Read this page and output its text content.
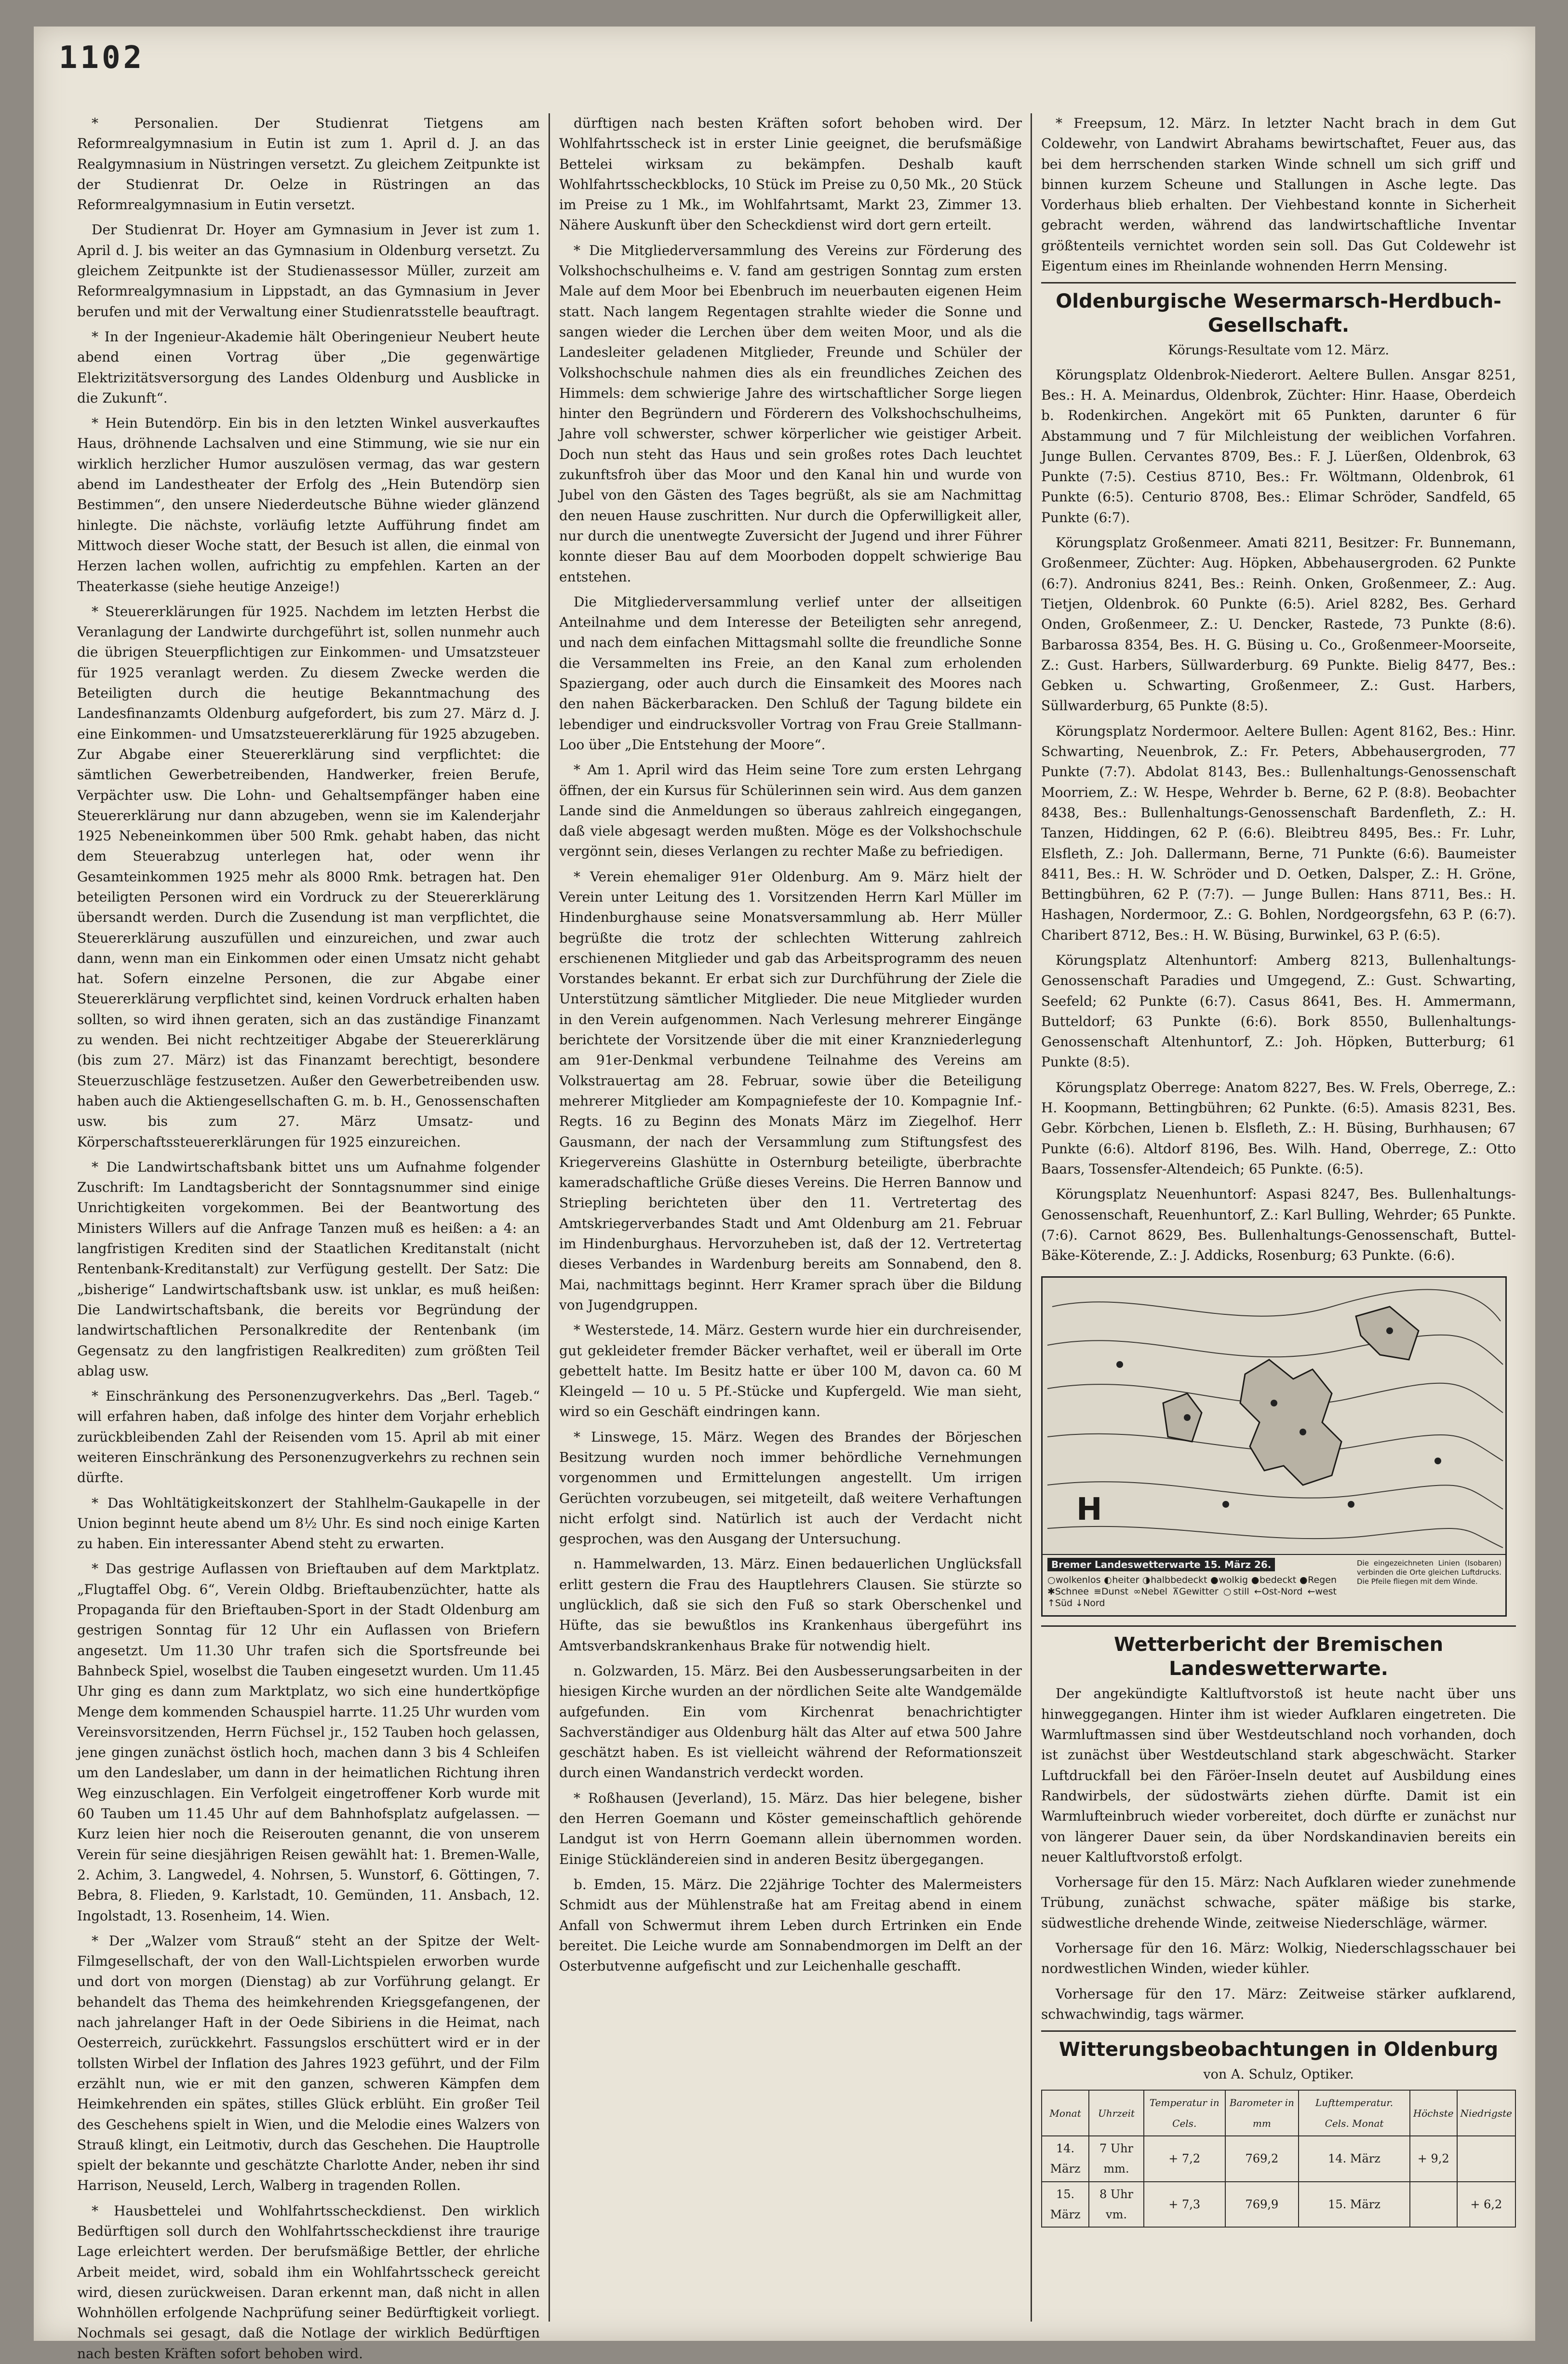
1102

* Personalien. Der Studienrat Tietgens am Reformrealgymnasium in Eutin ist zum 1. April d. J. an das Realgymnasium in Nüstringen versetzt. Zu gleichem Zeitpunkte ist der Studienrat Dr. Oelze in Rüstringen an das Reformrealgymnasium in Eutin versetzt.

Der Studienrat Dr. Hoyer am Gymnasium in Jever ist zum 1. April d. J. bis weiter an das Gymnasium in Oldenburg versetzt. Zu gleichem Zeitpunkte ist der Studienassessor Müller, zurzeit am Reformrealgymnasium in Lippstadt, an das Gymnasium in Jever berufen und mit der Verwaltung einer Studienratsstelle beauftragt.

* In der Ingenieur-Akademie hält Oberingenieur Neubert heute abend einen Vortrag über „Die gegenwärtige Elektrizitätsversorgung des Landes Oldenburg und Ausblicke in die Zukunft“.

* Hein Butendörp. Ein bis in den letzten Winkel ausverkauftes Haus, dröhnende Lachsalven und eine Stimmung, wie sie nur ein wirklich herzlicher Humor auszulösen vermag, das war gestern abend im Landestheater der Erfolg des „Hein Butendörp sien Bestimmen“, den unsere Niederdeutsche Bühne wieder glänzend hinlegte. Die nächste, vorläufig letzte Aufführung findet am Mittwoch dieser Woche statt, der Besuch ist allen, die einmal von Herzen lachen wollen, aufrichtig zu empfehlen. Karten an der Theaterkasse (siehe heutige Anzeige!)

* Steuererklärungen für 1925. Nachdem im letzten Herbst die Veranlagung der Landwirte durchgeführt ist, sollen nunmehr auch die übrigen Steuerpflichtigen zur Einkommen- und Umsatzsteuer für 1925 veranlagt werden. Zu diesem Zwecke werden die Beteiligten durch die heutige Bekanntmachung des Landesfinanzamts Oldenburg aufgefordert, bis zum 27. März d. J. eine Einkommen- und Umsatzsteuererklärung für 1925 abzugeben. Zur Abgabe einer Steuererklärung sind verpflichtet: die sämtlichen Gewerbetreibenden, Handwerker, freien Berufe, Verpächter usw. Die Lohn- und Gehaltsempfänger haben eine Steuererklärung nur dann abzugeben, wenn sie im Kalenderjahr 1925 Nebeneinkommen über 500 Rmk. gehabt haben, das nicht dem Steuerabzug unterlegen hat, oder wenn ihr Gesamteinkommen 1925 mehr als 8000 Rmk. betragen hat. Den beteiligten Personen wird ein Vordruck zu der Steuererklärung übersandt werden. Durch die Zusendung ist man verpflichtet, die Steuererklärung auszufüllen und einzureichen, und zwar auch dann, wenn man ein Einkommen oder einen Umsatz nicht gehabt hat. Sofern einzelne Personen, die zur Abgabe einer Steuererklärung verpflichtet sind, keinen Vordruck erhalten haben sollten, so wird ihnen geraten, sich an das zuständige Finanzamt zu wenden. Bei nicht rechtzeitiger Abgabe der Steuererklärung (bis zum 27. März) ist das Finanzamt berechtigt, besondere Steuerzuschläge festzusetzen. Außer den Gewerbetreibenden usw. haben auch die Aktiengesellschaften G. m. b. H., Genossenschaften usw. bis zum 27. März Umsatz- und Körperschaftssteuererklärungen für 1925 einzureichen.

* Die Landwirtschaftsbank bittet uns um Aufnahme folgender Zuschrift: Im Landtagsbericht der Sonntagsnummer sind einige Unrichtigkeiten vorgekommen. Bei der Beantwortung des Ministers Willers auf die Anfrage Tanzen muß es heißen: a 4: an langfristigen Krediten sind der Staatlichen Kreditanstalt (nicht Rentenbank-Kreditanstalt) zur Verfügung gestellt. Der Satz: Die „bisherige“ Landwirtschaftsbank usw. ist unklar, es muß heißen: Die Landwirtschaftsbank, die bereits vor Begründung der landwirtschaftlichen Personalkredite der Rentenbank (im Gegensatz zu den langfristigen Realkrediten) zum größten Teil ablag usw.

* Einschränkung des Personenzugverkehrs. Das „Berl. Tageb.“ will erfahren haben, daß infolge des hinter dem Vorjahr erheblich zurückbleibenden Zahl der Reisenden vom 15. April ab mit einer weiteren Einschränkung des Personenzugverkehrs zu rechnen sein dürfte.

* Das Wohltätigkeitskonzert der Stahlhelm-Gaukapelle in der Union beginnt heute abend um 8½ Uhr. Es sind noch einige Karten zu haben. Ein interessanter Abend steht zu erwarten.

* Das gestrige Auflassen von Brieftauben auf dem Marktplatz. „Flugtaffel Obg. 6“, Verein Oldbg. Brieftaubenzüchter, hatte als Propaganda für den Brieftauben-Sport in der Stadt Oldenburg am gestrigen Sonntag für 12 Uhr ein Auflassen von Briefern angesetzt. Um 11.30 Uhr trafen sich die Sportsfreunde bei Bahnbeck Spiel, woselbst die Tauben eingesetzt wurden. Um 11.45 Uhr ging es dann zum Marktplatz, wo sich eine hundertköpfige Menge dem kommenden Schauspiel harrte. 11.25 Uhr wurden vom Vereinsvorsitzenden, Herrn Füchsel jr., 152 Tauben hoch gelassen, jene gingen zunächst östlich hoch, machen dann 3 bis 4 Schleifen um den Landeslaber, um dann in der heimatlichen Richtung ihren Weg einzuschlagen. Ein Verfolgeit eingetroffener Korb wurde mit 60 Tauben um 11.45 Uhr auf dem Bahnhofsplatz aufgelassen. — Kurz leien hier noch die Reiserouten genannt, die von unserem Verein für seine diesjährigen Reisen gewählt hat: 1. Bremen-Walle, 2. Achim, 3. Langwedel, 4. Nohrsen, 5. Wunstorf, 6. Göttingen, 7. Bebra, 8. Flieden, 9. Karlstadt, 10. Gemünden, 11. Ansbach, 12. Ingolstadt, 13. Rosenheim, 14. Wien.

* Der „Walzer vom Strauß“ steht an der Spitze der Welt-Filmgesellschaft, der von den Wall-Lichtspielen erworben wurde und dort von morgen (Dienstag) ab zur Vorführung gelangt. Er behandelt das Thema des heimkehrenden Kriegsgefangenen, der nach jahrelanger Haft in der Oede Sibiriens in die Heimat, nach Oesterreich, zurückkehrt. Fassungslos erschüttert wird er in der tollsten Wirbel der Inflation des Jahres 1923 geführt, und der Film erzählt nun, wie er mit den ganzen, schweren Kämpfen dem Heimkehrenden ein spätes, stilles Glück erblüht. Ein großer Teil des Geschehens spielt in Wien, und die Melodie eines Walzers von Strauß klingt, ein Leitmotiv, durch das Geschehen. Die Hauptrolle spielt der bekannte und geschätzte Charlotte Ander, neben ihr sind Harrison, Neuseld, Lerch, Walberg in tragenden Rollen.

* Hausbettelei und Wohlfahrtsscheckdienst. Den wirklich Bedürftigen soll durch den Wohlfahrtsscheckdienst ihre traurige Lage erleichtert werden. Der berufsmäßige Bettler, der ehrliche Arbeit meidet, wird, sobald ihm ein Wohlfahrtsscheck gereicht wird, diesen zurückweisen. Daran erkennt man, daß nicht in allen Wohnhöllen erfolgende Nachprüfung seiner Bedürftigkeit vorliegt. Nochmals sei gesagt, daß die Notlage der wirklich Bedürftigen nach besten Kräften sofort behoben wird.

dürftigen nach besten Kräften sofort behoben wird. Der Wohlfahrtsscheck ist in erster Linie geeignet, die berufsmäßige Bettelei wirksam zu bekämpfen. Deshalb kauft Wohlfahrtsscheckblocks, 10 Stück im Preise zu 0,50 Mk., 20 Stück im Preise zu 1 Mk., im Wohlfahrtsamt, Markt 23, Zimmer 13. Nähere Auskunft über den Scheckdienst wird dort gern erteilt.

* Die Mitgliederversammlung des Vereins zur Förderung des Volkshochschulheims e. V. fand am gestrigen Sonntag zum ersten Male auf dem Moor bei Ebenbruch im neuerbauten eigenen Heim statt. Nach langem Regentagen strahlte wieder die Sonne und sangen wieder die Lerchen über dem weiten Moor, und als die Landesleiter geladenen Mitglieder, Freunde und Schüler der Volkshochschule nahmen dies als ein freundliches Zeichen des Himmels: dem schwierige Jahre des wirtschaftlicher Sorge liegen hinter den Begründern und Förderern des Volkshochschulheims, Jahre voll schwerster, schwer körperlicher wie geistiger Arbeit. Doch nun steht das Haus und sein großes rotes Dach leuchtet zukunftsfroh über das Moor und den Kanal hin und wurde von Jubel von den Gästen des Tages begrüßt, als sie am Nachmittag den neuen Hause zuschritten. Nur durch die Opferwilligkeit aller, nur durch die unentwegte Zuversicht der Jugend und ihrer Führer konnte dieser Bau auf dem Moorboden doppelt schwierige Bau entstehen.

Die Mitgliederversammlung verlief unter der allseitigen Anteilnahme und dem Interesse der Beteiligten sehr anregend, und nach dem einfachen Mittagsmahl sollte die freundliche Sonne die Versammelten ins Freie, an den Kanal zum erholenden Spaziergang, oder auch durch die Einsamkeit des Moores nach den nahen Bäckerbaracken. Den Schluß der Tagung bildete ein lebendiger und eindrucksvoller Vortrag von Frau Greie Stallmann-Loo über „Die Entstehung der Moore“.

* Am 1. April wird das Heim seine Tore zum ersten Lehrgang öffnen, der ein Kursus für Schülerinnen sein wird. Aus dem ganzen Lande sind die Anmeldungen so überaus zahlreich eingegangen, daß viele abgesagt werden mußten. Möge es der Volkshochschule vergönnt sein, dieses Verlangen zu rechter Maße zu befriedigen.

* Verein ehemaliger 91er Oldenburg. Am 9. März hielt der Verein unter Leitung des 1. Vorsitzenden Herrn Karl Müller im Hindenburghause seine Monatsversammlung ab. Herr Müller begrüßte die trotz der schlechten Witterung zahlreich erschienenen Mitglieder und gab das Arbeitsprogramm des neuen Vorstandes bekannt. Er erbat sich zur Durchführung der Ziele die Unterstützung sämtlicher Mitglieder. Die neue Mitglieder wurden in den Verein aufgenommen. Nach Verlesung mehrerer Eingänge berichtete der Vorsitzende über die mit einer Kranzniederlegung am 91er-Denkmal verbundene Teilnahme des Vereins am Volkstrauertag am 28. Februar, sowie über die Beteiligung mehrerer Mitglieder am Kompagniefeste der 10. Kompagnie Inf.-Regts. 16 zu Beginn des Monats März im Ziegelhof. Herr Gausmann, der nach der Versammlung zum Stiftungsfest des Kriegervereins Glashütte in Osternburg beteiligte, überbrachte kameradschaftliche Grüße dieses Vereins. Die Herren Bannow und Striepling berichteten über den 11. Vertretertag des Amtskriegerverbandes Stadt und Amt Oldenburg am 21. Februar im Hindenburghaus. Hervorzuheben ist, daß der 12. Vertretertag dieses Verbandes in Wardenburg bereits am Sonnabend, den 8. Mai, nachmittags beginnt. Herr Kramer sprach über die Bildung von Jugendgruppen.

* Westerstede, 14. März. Gestern wurde hier ein durchreisender, gut gekleideter fremder Bäcker verhaftet, weil er überall im Orte gebettelt hatte. Im Besitz hatte er über 100 M, davon ca. 60 M Kleingeld — 10 u. 5 Pf.-Stücke und Kupfergeld. Wie man sieht, wird so ein Geschäft eindringen kann.

* Linswege, 15. März. Wegen des Brandes der Börjeschen Besitzung wurden noch immer behördliche Vernehmungen vorgenommen und Ermittelungen angestellt. Um irrigen Gerüchten vorzubeugen, sei mitgeteilt, daß weitere Verhaftungen nicht erfolgt sind. Natürlich ist auch der Verdacht nicht gesprochen, was den Ausgang der Untersuchung.

n. Hammelwarden, 13. März. Einen bedauerlichen Unglücksfall erlitt gestern die Frau des Hauptlehrers Clausen. Sie stürzte so unglücklich, daß sie sich den Fuß so stark Oberschenkel und Hüfte, das sie bewußtlos ins Krankenhaus übergeführt ins Amtsverbandskrankenhaus Brake für notwendig hielt.

n. Golzwarden, 15. März. Bei den Ausbesserungsarbeiten in der hiesigen Kirche wurden an der nördlichen Seite alte Wandgemälde aufgefunden. Ein vom Kirchenrat benachrichtigter Sachverständiger aus Oldenburg hält das Alter auf etwa 500 Jahre geschätzt haben. Es ist vielleicht während der Reformationszeit durch einen Wandanstrich verdeckt worden.

* Roßhausen (Jeverland), 15. März. Das hier belegene, bisher den Herren Goemann und Köster gemeinschaftlich gehörende Landgut ist von Herrn Goemann allein übernommen worden. Einige Stückländereien sind in anderen Besitz übergegangen.

b. Emden, 15. März. Die 22jährige Tochter des Malermeisters Schmidt aus der Mühlenstraße hat am Freitag abend in einem Anfall von Schwermut ihrem Leben durch Ertrinken ein Ende bereitet. Die Leiche wurde am Sonnabendmorgen im Delft an der Osterbutvenne aufgefischt und zur Leichenhalle geschafft.

* Freepsum, 12. März. In letzter Nacht brach in dem Gut Coldewehr, von Landwirt Abrahams bewirtschaftet, Feuer aus, das bei dem herrschenden starken Winde schnell um sich griff und binnen kurzem Scheune und Stallungen in Asche legte. Das Vorderhaus blieb erhalten. Der Viehbestand konnte in Sicherheit gebracht werden, während das landwirtschaftliche Inventar größtenteils vernichtet worden sein soll. Das Gut Coldewehr ist Eigentum eines im Rheinlande wohnenden Herrn Mensing.

Oldenburgische Wesermarsch-Herdbuch-Gesellschaft.
Körungs-Resultate vom 12. März.

Körungsplatz Oldenbrok-Niederort. Aeltere Bullen. Ansgar 8251, Bes.: H. A. Meinardus, Oldenbrok, Züchter: Hinr. Haase, Oberdeich b. Rodenkirchen. Angekört mit 65 Punkten, darunter 6 für Abstammung und 7 für Milchleistung der weiblichen Vorfahren. Junge Bullen. Cervantes 8709, Bes.: F. J. Lüerßen, Oldenbrok, 63 Punkte (7:5). Cestius 8710, Bes.: Fr. Wöltmann, Oldenbrok, 61 Punkte (6:5). Centurio 8708, Bes.: Elimar Schröder, Sandfeld, 65 Punkte (6:7).

Körungsplatz Großenmeer. Amati 8211, Besitzer: Fr. Bunnemann, Großenmeer, Züchter: Aug. Höpken, Abbehausergroden. 62 Punkte (6:7). Andronius 8241, Bes.: Reinh. Onken, Großenmeer, Z.: Aug. Tietjen, Oldenbrok. 60 Punkte (6:5). Ariel 8282, Bes. Gerhard Onden, Großenmeer, Z.: U. Dencker, Rastede, 73 Punkte (8:6). Barbarossa 8354, Bes. H. G. Büsing u. Co., Großenmeer-Moorseite, Z.: Gust. Harbers, Süllwarderburg. 69 Punkte. Bielig 8477, Bes.: Gebken u. Schwarting, Großenmeer, Z.: Gust. Harbers, Süllwarderburg, 65 Punkte (8:5).

Körungsplatz Nordermoor. Aeltere Bullen: Agent 8162, Bes.: Hinr. Schwarting, Neuenbrok, Z.: Fr. Peters, Abbehausergroden, 77 Punkte (7:7). Abdolat 8143, Bes.: Bullenhaltungs-Genossenschaft Moorriem, Z.: W. Hespe, Wehrder b. Berne, 62 P. (8:8). Beobachter 8438, Bes.: Bullenhaltungs-Genossenschaft Bardenfleth, Z.: H. Tanzen, Hiddingen, 62 P. (6:6). Bleibtreu 8495, Bes.: Fr. Luhr, Elsfleth, Z.: Joh. Dallermann, Berne, 71 Punkte (6:6). Baumeister 8411, Bes.: H. W. Schröder und D. Oetken, Dalsper, Z.: H. Gröne, Bettingbühren, 62 P. (7:7). — Junge Bullen: Hans 8711, Bes.: H. Hashagen, Nordermoor, Z.: G. Bohlen, Nordgeorgsfehn, 63 P. (6:7). Charibert 8712, Bes.: H. W. Büsing, Burwinkel, 63 P. (6:5).

Körungsplatz Altenhuntorf: Amberg 8213, Bullenhaltungs-Genossenschaft Paradies und Umgegend, Z.: Gust. Schwarting, Seefeld; 62 Punkte (6:7). Casus 8641, Bes. H. Ammermann, Butteldorf; 63 Punkte (6:6). Bork 8550, Bullenhaltungs-Genossenschaft Altenhuntorf, Z.: Joh. Höpken, Butterburg; 61 Punkte (8:5).

Körungsplatz Oberrege: Anatom 8227, Bes. W. Frels, Oberrege, Z.: H. Koopmann, Bettingbühren; 62 Punkte. (6:5). Amasis 8231, Bes. Gebr. Körbchen, Lienen b. Elsfleth, Z.: H. Büsing, Burhhausen; 67 Punkte (6:6). Altdorf 8196, Bes. Wilh. Hand, Oberrege, Z.: Otto Baars, Tossensfer-Altendeich; 65 Punkte. (6:5).

Körungsplatz Neuenhuntorf: Aspasi 8247, Bes. Bullenhaltungs-Genossenschaft, Reuenhuntorf, Z.: Karl Bulling, Wehrder; 65 Punkte. (7:6). Carnot 8629, Bes. Bullenhaltungs-Genossenschaft, Buttel-Bäke-Köterende, Z.: J. Addicks, Rosenburg; 63 Punkte. (6:6).

H
Bremer Landeswetterwarte 15. März 26.
○wolkenlos ◐heiter ◑halbbedeckt ●wolkig ●bedeckt ●Regen ✱Schnee ≡Dunst ∞Nebel ⊼Gewitter ○still ←Ost-Nord ←west ↑Süd ↓Nord
Die eingezeichneten Linien (Isobaren) verbinden die Orte gleichen Luftdrucks. Die Pfeile fliegen mit dem Winde.
Wetterbericht der Bremischen Landeswetterwarte.

Der angekündigte Kaltluftvorstoß ist heute nacht über uns hinweggegangen. Hinter ihm ist wieder Aufklaren eingetreten. Die Warmluftmassen sind über Westdeutschland noch vorhanden, doch ist zunächst über Westdeutschland stark abgeschwächt. Starker Luftdruckfall bei den Färöer-Inseln deutet auf Ausbildung eines Randwirbels, der südostwärts ziehen dürfte. Damit ist ein Warmlufteinbruch wieder vorbereitet, doch dürfte er zunächst nur von längerer Dauer sein, da über Nordskandinavien bereits ein neuer Kaltluftvorstoß erfolgt.

Vorhersage für den 15. März: Nach Aufklaren wieder zunehmende Trübung, zunächst schwache, später mäßige bis starke, südwestliche drehende Winde, zeitweise Niederschläge, wärmer.

Vorhersage für den 16. März: Wolkig, Niederschlagsschauer bei nordwestlichen Winden, wieder kühler.

Vorhersage für den 17. März: Zeitweise stärker aufklarend, schwachwindig, tags wärmer.

Witterungsbeobachtungen in Oldenburg
von A. Schulz, Optiker.
Monat	Uhrzeit	Temperatur in Cels.	Barometer in mm	Lufttemperatur. Cels. Monat	Höchste	Niedrigste
14. März	7 Uhr mm.	+ 7,2	769,2	14. März	+ 9,2	
15. März	8 Uhr vm.	+ 7,3	769,9	15. März		+ 6,2
